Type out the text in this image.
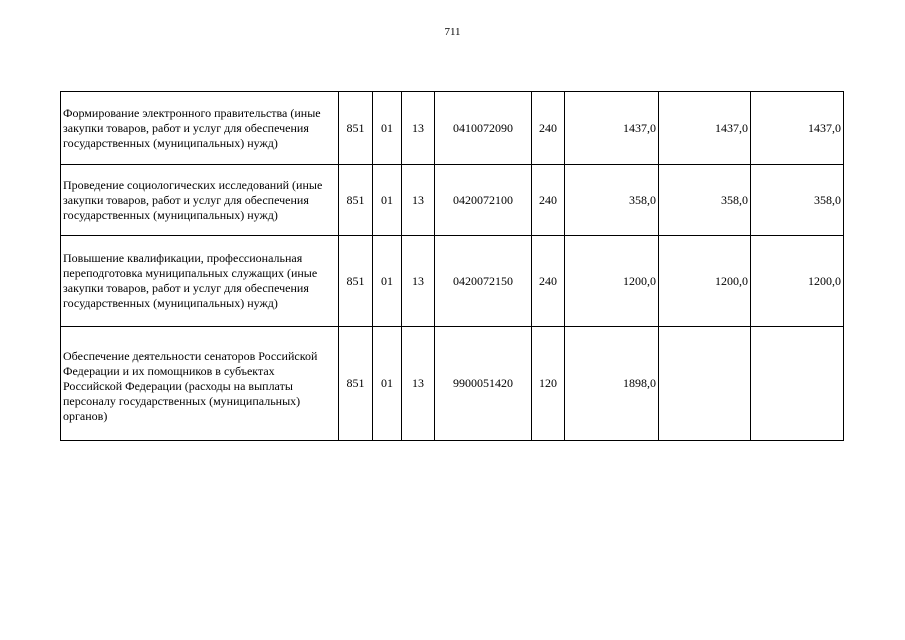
711
Формирование электронного правительства (иные закупки товаров, работ и услуг для обеспечения государственных (муниципальных) нужд)	851	01	13	0410072090	240	1437,0	1437,0	1437,0
Проведение социологических исследований (иные закупки товаров, работ и услуг для обеспечения государственных (муниципальных) нужд)	851	01	13	0420072100	240	358,0	358,0	358,0
Повышение квалификации, профессиональная переподготовка муниципальных служащих (иные закупки товаров, работ и услуг для обеспечения государственных (муниципальных) нужд)	851	01	13	0420072150	240	1200,0	1200,0	1200,0
Обеспечение деятельности сенаторов Российской Федерации и их помощников в субъектах Российской Федерации (расходы на выплаты персоналу государственных (муниципальных) органов)	851	01	13	9900051420	120	1898,0		
